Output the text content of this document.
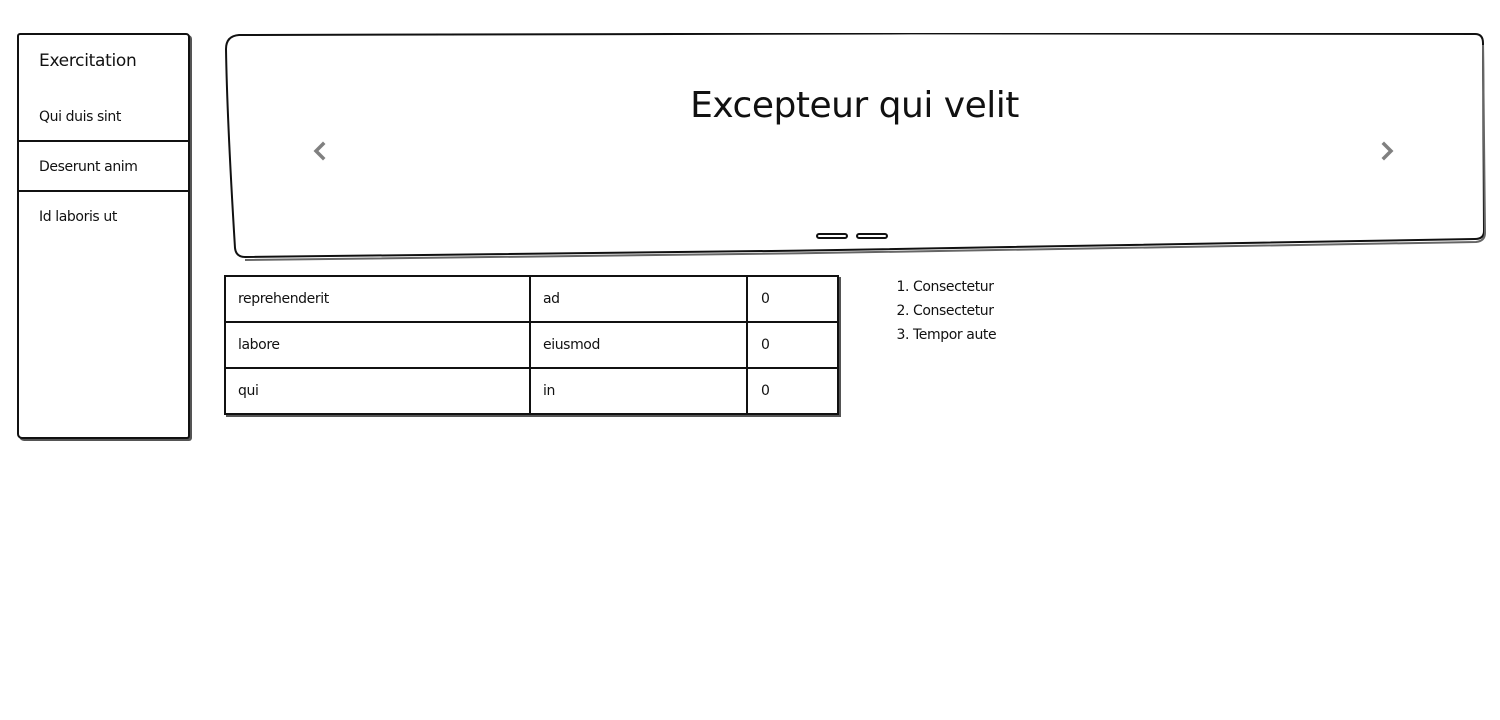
Exercitation
Qui duis sint
Deserunt anim
Id laboris ut
Excepteur qui velit
reprehenderit	ad	0
labore	eiusmod	0
qui	in	0
1. Consectetur
2. Consectetur
3. Tempor aute
